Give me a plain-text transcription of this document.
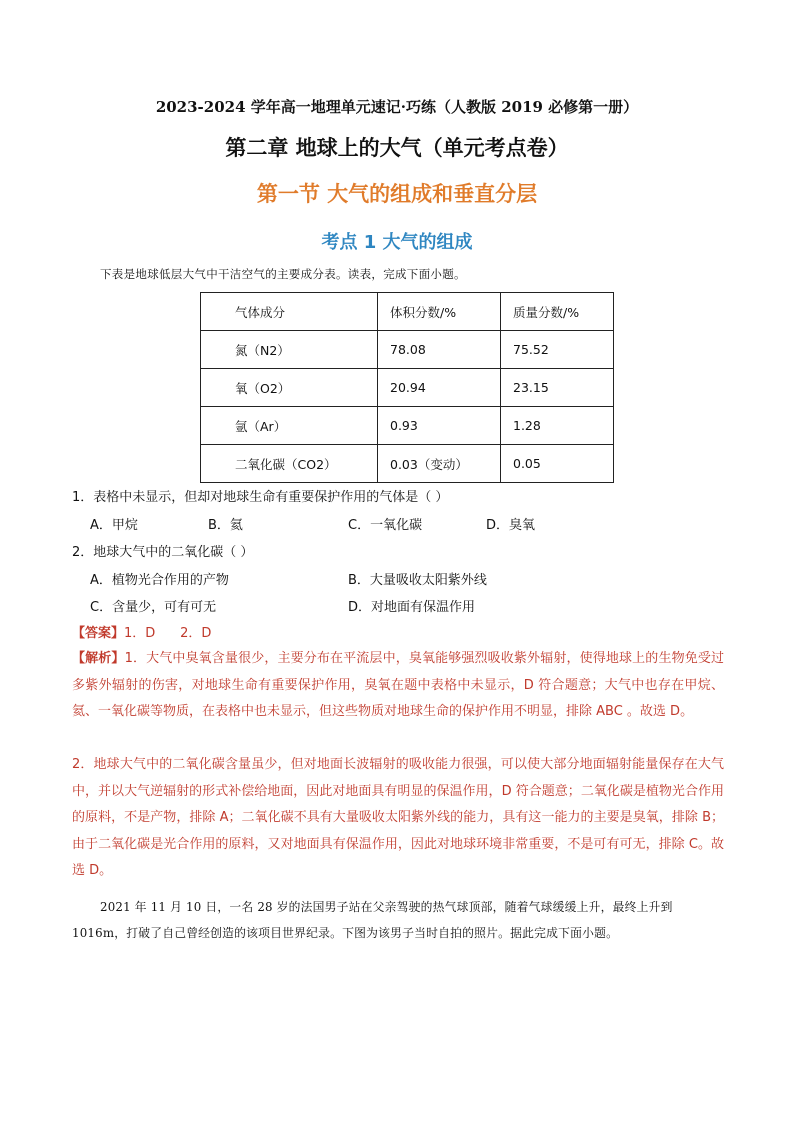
2023-2024 学年高一地理单元速记·巧练（人教版 2019 必修第一册）
第二章 地球上的大气（单元考点卷）
第一节 大气的组成和垂直分层
考点 1 大气的组成
下表是地球低层大气中干洁空气的主要成分表。读表，完成下面小题。
气体成分	体积分数/%	质量分数/%
氮（N2）	78.08	75.52
氧（O2）	20.94	23.15
氩（Ar）	0.93	1.28
二氧化碳（CO2）	0.03（变动）	0.05
1．表格中未显示，但却对地球生命有重要保护作用的气体是（ ）
A．甲烷	B．氦	C．一氧化碳	D．臭氧
2．地球大气中的二氧化碳（ ）
A．植物光合作用的产物	B．大量吸收太阳紫外线
C．含量少，可有可无	D．对地面有保温作用
【答案】1．D      2．D
【解析】1．大气中臭氧含量很少，主要分布在平流层中，臭氧能够强烈吸收紫外辐射，使得地球上的生物免受过多紫外辐射的伤害，对地球生命有重要保护作用，臭氧在题中表格中未显示，D 符合题意；大气中也存在甲烷、氦、一氧化碳等物质，在表格中也未显示，但这些物质对地球生命的保护作用不明显，排除 ABC 。故选 D。
2．地球大气中的二氧化碳含量虽少，但对地面长波辐射的吸收能力很强，可以使大部分地面辐射能量保存在大气中，并以大气逆辐射的形式补偿给地面，因此对地面具有明显的保温作用，D 符合题意；二氧化碳是植物光合作用的原料，不是产物，排除 A；二氧化碳不具有大量吸收太阳紫外线的能力，具有这一能力的主要是臭氧，排除 B；由于二氧化碳是光合作用的原料，又对地面具有保温作用，因此对地球环境非常重要，不是可有可无，排除 C。故选 D。
2021 年 11 月 10 日，一名 28 岁的法国男子站在父亲驾驶的热气球顶部，随着气球缓缓上升，最终上升到 1016m，打破了自己曾经创造的该项目世界纪录。下图为该男子当时自拍的照片。据此完成下面小题。
